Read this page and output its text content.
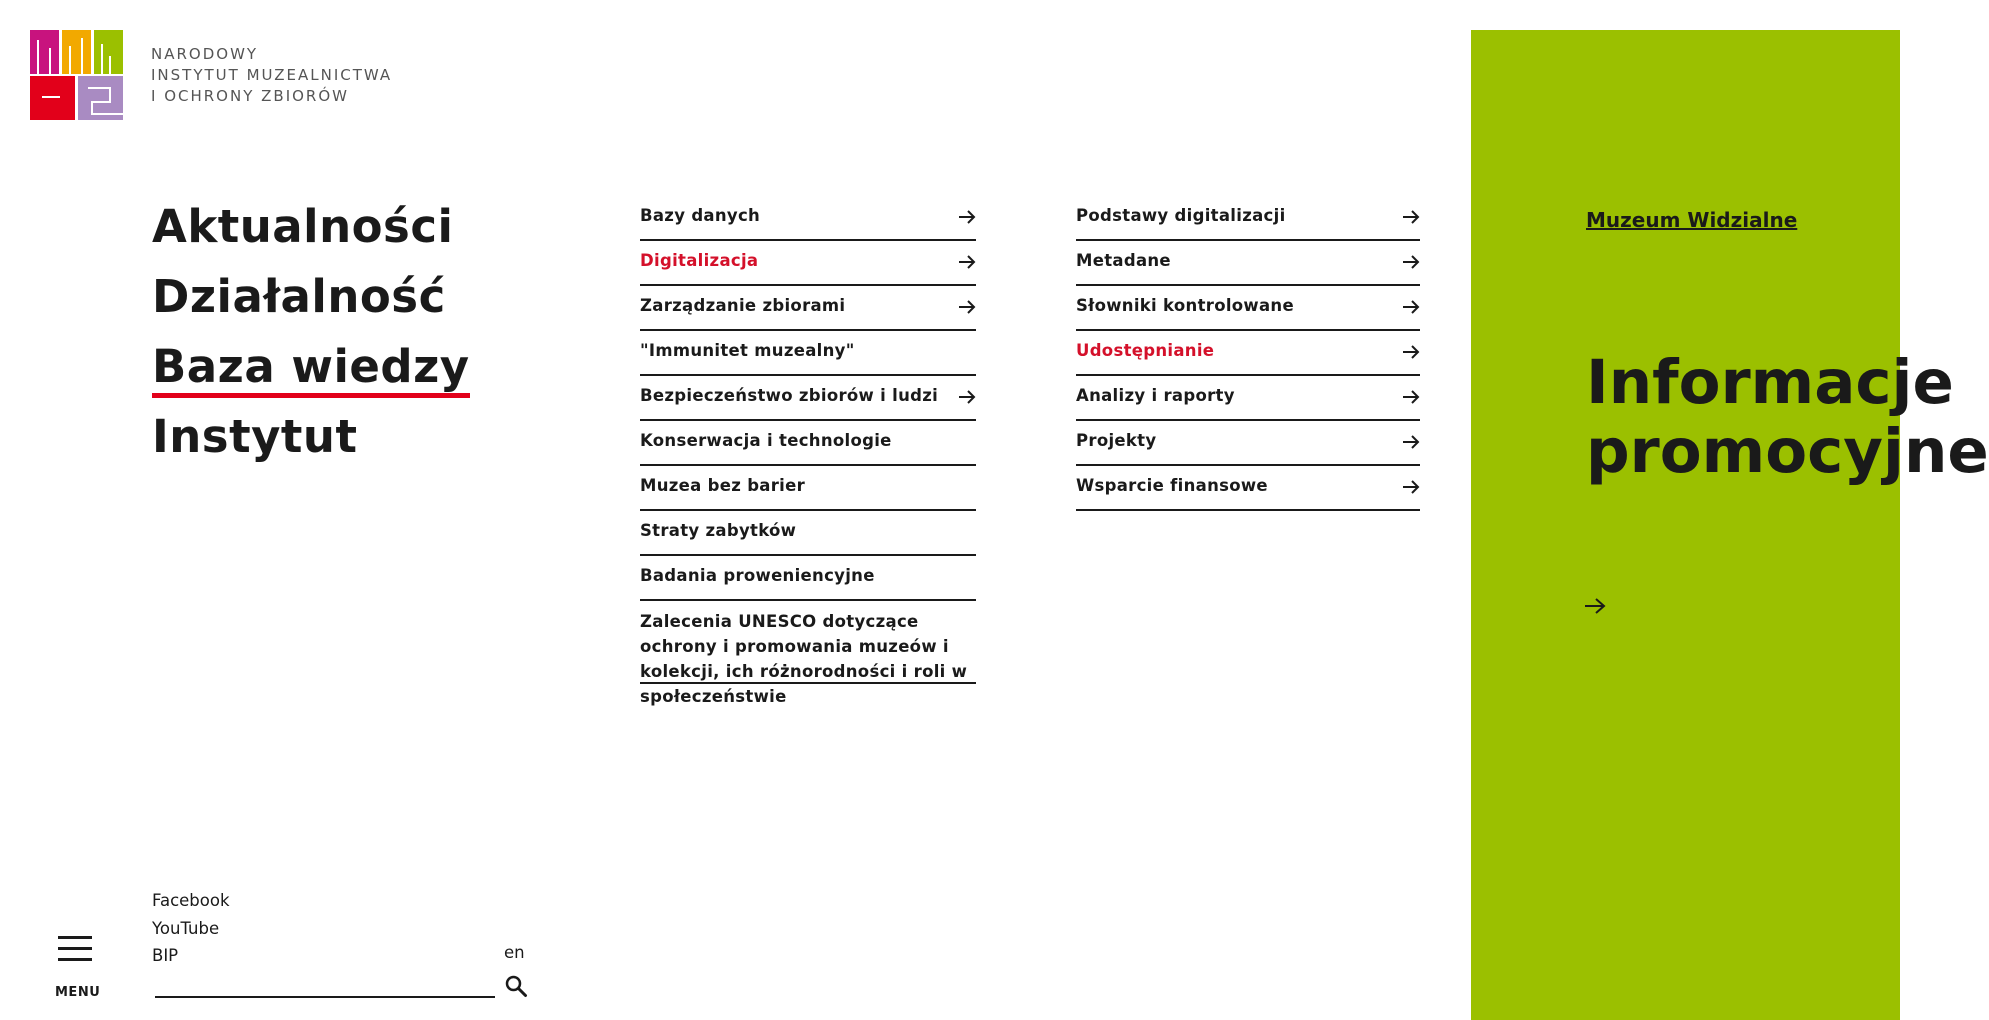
NARODOWY
INSTYTUT MUZEALNICTWA
I OCHRONY ZBIORÓW
Aktualności
Działalność
Baza wiedzy
Instytut
Bazy danych
Digitalizacja
Zarządzanie zbiorami
"Immunitet muzealny"
Bezpieczeństwo zbiorów i ludzi
Konserwacja i technologie
Muzea bez barier
Straty zabytków
Badania proweniencyjne
Zalecenia UNESCO dotyczące ochrony i promowania muzeów i kolekcji, ich różnorodności i roli w społeczeństwie
Podstawy digitalizacji
Metadane
Słowniki kontrolowane
Udostępnianie
Analizy i raporty
Projekty
Wsparcie finansowe
Muzeum Widzialne
Informacje
promocyjne
MENU
Facebook
YouTube
BIP	en
